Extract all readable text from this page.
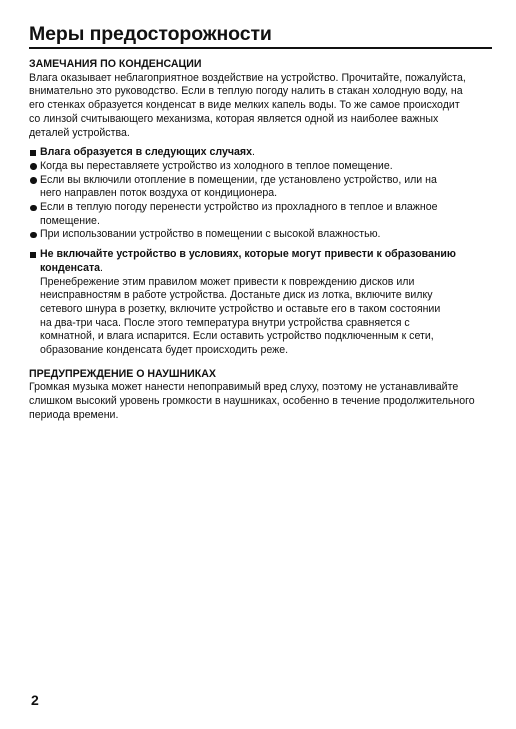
Меры предосторожности

ЗАМЕЧАНИЯ ПО КОНДЕНСАЦИИ

Влага оказывает неблагоприятное воздействие на устройство. Прочитайте, пожалуйста,
внимательно это руководство. Если в теплую погоду налить в стакан холодную воду, на
его стенках образуется конденсат в виде мелких капель воды. То же самое происходит
со линзой считывающего механизма, которая является одной из наиболее важных
деталей устройства.
Влага образуется в следующих случаях.
Когда вы переставляете устройство из холодного в теплое помещение.
Если вы включили отопление в помещении, где установлено устройство, или на
него направлен поток воздуха от кондиционера.
Если в теплую погоду перенести устройство из прохладного в теплое и влажное
помещение.
При использовании устройство в помещении с высокой влажностью.
Не включайте устройство в условиях, которые могут привести к образованию
конденсата.
Пренебрежение этим правилом может привести к повреждению дисков или
неисправностям в работе устройства. Достаньте диск из лотка, включите вилку
сетевого шнура в розетку, включите устройство и оставьте его в таком состоянии
на два-три часа. После этого температура внутри устройства сравняется с
комнатной, и влага испарится. Если оставить устройство подключенным к сети,
образование конденсата будет происходить реже.

ПРЕДУПРЕЖДЕНИЕ О НАУШНИКАХ

Громкая музыка может нанести непоправимый вред слуху, поэтому не устанавливайте
слишком высокий уровень громкости в наушниках, особенно в течение продолжительного
периода времени.
2
